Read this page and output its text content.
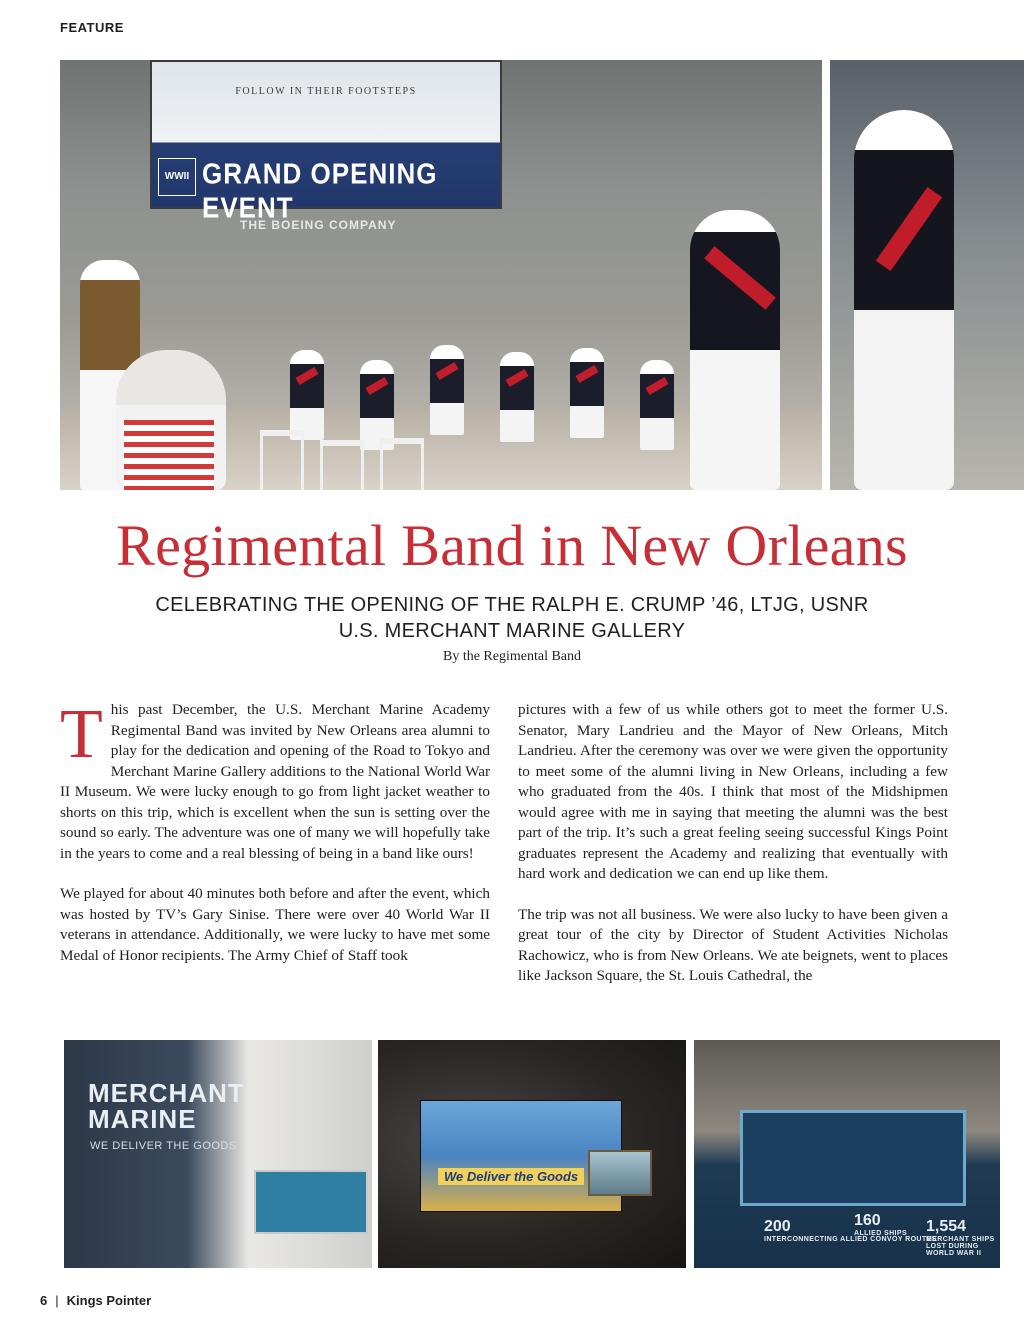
FEATURE
FOLLOW IN THEIR FOOTSTEPS
WWII GRAND OPENING EVENT
THE BOEING COMPANY
Regimental Band in New Orleans
CELEBRATING THE OPENING OF THE RALPH E. CRUMP ’46, LTJG, USNR
U.S. MERCHANT MARINE GALLERY
By the Regimental Band

This past December, the U.S. Merchant Marine Academy Regimental Band was invited by New Orleans area alumni to play for the dedication and opening of the Road to Tokyo and Merchant Marine Gallery additions to the National World War II Museum. We were lucky enough to go from light jacket weather to shorts on this trip, which is excellent when the sun is setting over the sound so early. The adventure was one of many we will hopefully take in the years to come and a real blessing of being in a band like ours!

We played for about 40 minutes both before and after the event, which was hosted by TV’s Gary Sinise. There were over 40 World War II veterans in attendance. Additionally, we were lucky to have met some Medal of Honor recipients. The Army Chief of Staff took

pictures with a few of us while others got to meet the former U.S. Senator, Mary Landrieu and the Mayor of New Orleans, Mitch Landrieu. After the ceremony was over we were given the opportunity to meet some of the alumni living in New Orleans, including a few who graduated from the 40s. I think that most of the Midshipmen would agree with me in saying that meeting the alumni was the best part of the trip. It’s such a great feeling seeing successful Kings Point graduates represent the Academy and realizing that eventually with hard work and dedication we can end up like them.

The trip was not all business. We were also lucky to have been given a great tour of the city by Director of Student Activities Nicholas Rachowicz, who is from New Orleans. We ate beignets, went to places like Jackson Square, the St. Louis Cathedral, the

MERCHANT
MARINE
WE DELIVER THE GOODS
We Deliver the Goods
200
INTERCONNECTING ALLIED CONVOY ROUTES
160
ALLIED SHIPS 1,554
MERCHANT SHIPS LOST DURING WORLD WAR II
6 | Kings Pointer
